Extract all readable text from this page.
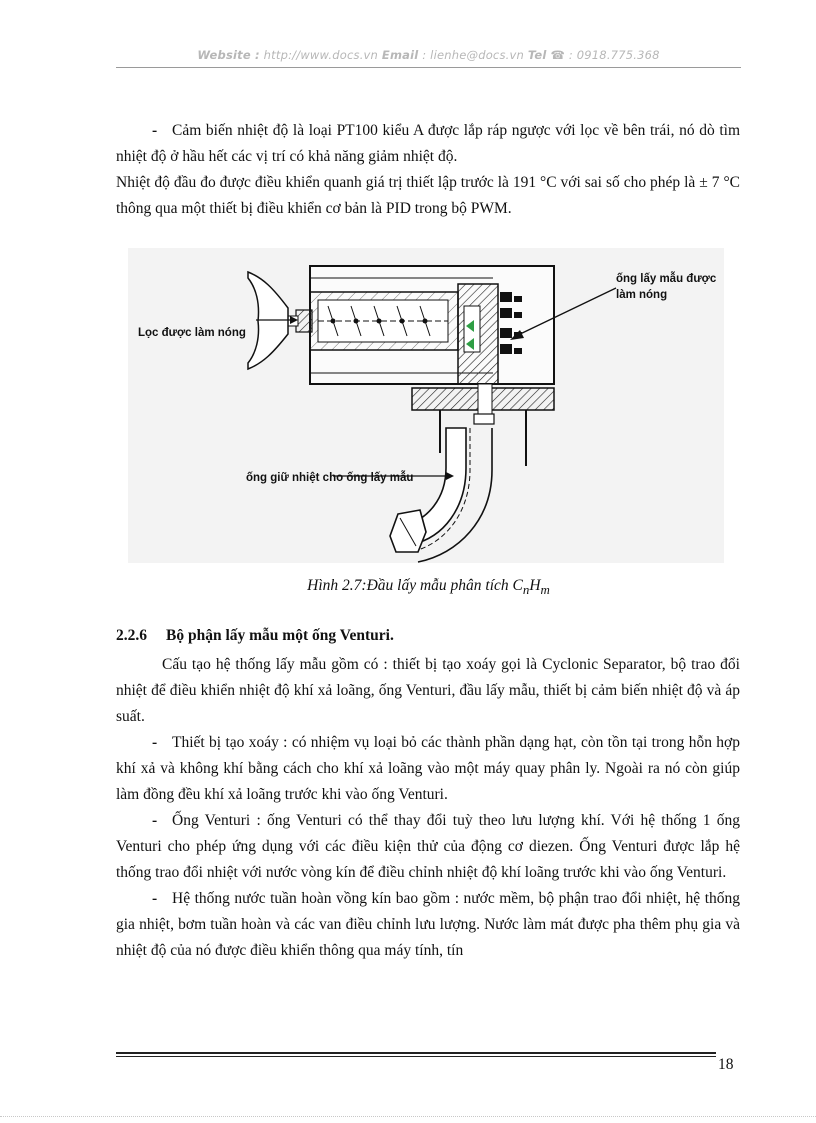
Website : http://www.docs.vn Email : lienhe@docs.vn Tel ☎ : 0918.775.368

- Cảm biến nhiệt độ là loại PT100 kiểu A được lắp ráp ngược với lọc về bên trái, nó dò tìm nhiệt độ ở hầu hết các vị trí có khả năng giảm nhiệt độ.

Nhiệt độ đầu đo được điều khiển quanh giá trị thiết lập trước là 191 °C với sai số cho phép là ± 7 °C thông qua một thiết bị điều khiển cơ bản là PID trong bộ PWM.

Lọc được làm nóng
ống lấy mẫu được
làm nóng
ống giữ nhiệt cho ống lấy mẫu
Hình 2.7:Đầu lấy mẫu phân tích $C_nH_m$
2.2.6 Bộ phận lấy mẫu một ống Venturi.

Cấu tạo hệ thống lấy mẫu gồm có : thiết bị tạo xoáy gọi là Cyclonic Separator, bộ trao đổi nhiệt để điều khiển nhiệt độ khí xả loãng, ống Venturi, đầu lấy mẫu, thiết bị cảm biến nhiệt độ và áp suất.

- Thiết bị tạo xoáy : có nhiệm vụ loại bỏ các thành phần dạng hạt, còn tồn tại trong hỗn hợp khí xả và không khí bằng cách cho khí xả loãng vào một máy quay phân ly. Ngoài ra nó còn giúp làm đồng đều khí xả loãng trước khi vào ống Venturi.

- Ống Venturi : ống Venturi có thể thay đổi tuỳ theo lưu lượng khí. Với hệ thống 1 ống Venturi cho phép ứng dụng với các điều kiện thử của động cơ diezen. Ống Venturi được lắp hệ thống trao đổi nhiệt với nước vòng kín để điều chỉnh nhiệt độ khí loãng trước khi vào ống Venturi.

- Hệ thống nước tuần hoàn vồng kín bao gồm : nước mềm, bộ phận trao đổi nhiệt, hệ thống gia nhiệt, bơm tuần hoàn và các van điều chỉnh lưu lượng. Nước làm mát được pha thêm phụ gia và nhiệt độ của nó được điều khiển thông qua máy tính, tín

18
